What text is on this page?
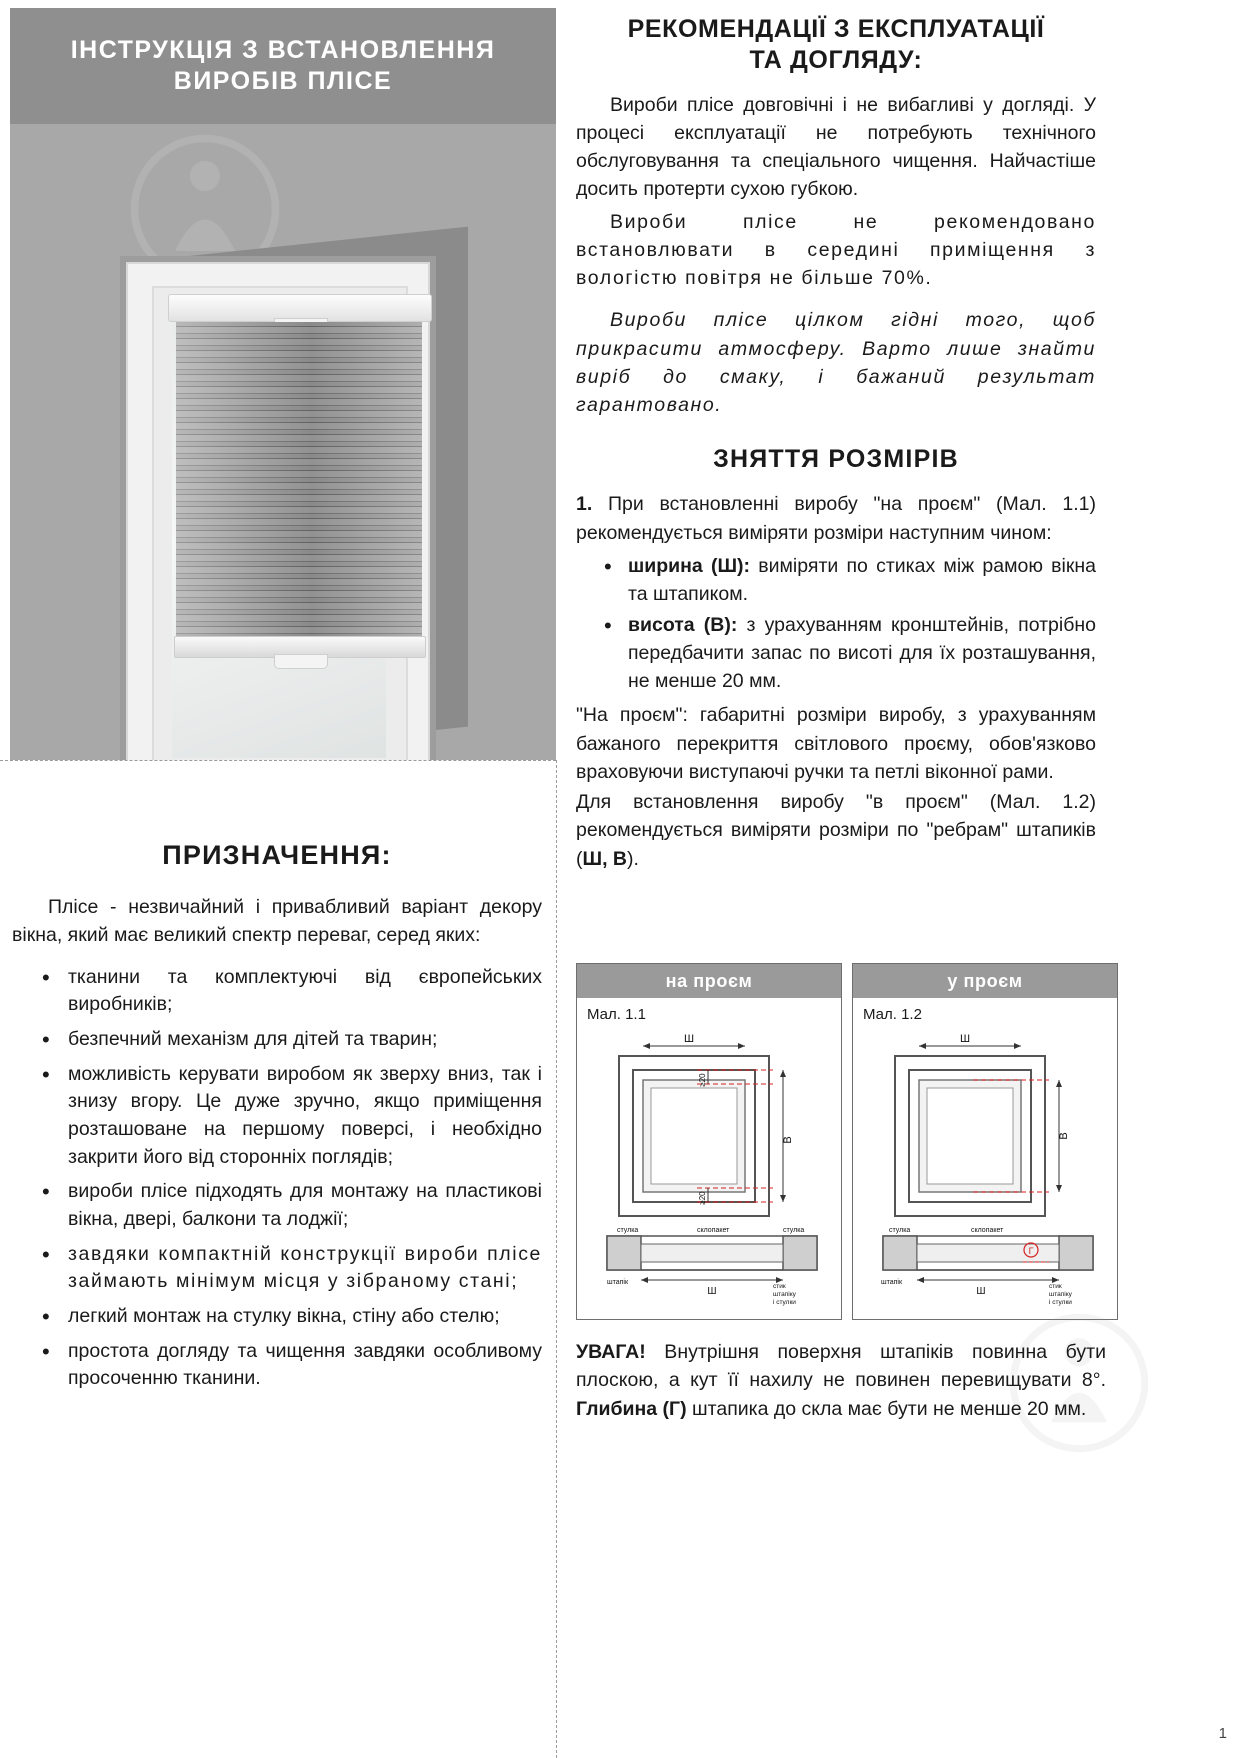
ІНСТРУКЦІЯ З ВСТАНОВЛЕННЯ
ВИРОБІВ ПЛІСЕ
ПРИЗНАЧЕННЯ:
Пліcе - незвичайний і привабливий варіант декору вікна, який має великий спектр переваг, серед яких:
• тканини та комплектуючі від європейських виробників;
• безпечний механізм для дітей та тварин;
• можливість керувати виробом як зверху вниз, так і знизу вгору. Це дуже зручно, якщо приміщення розташоване на першому поверсі, і необхідно закрити його від сторонніх поглядів;
• вироби пліcе підходять для монтажу на пластикові вікна, двері, балкони та лоджії;
• завдяки компактній конструкції вироби пліcе займають мінімум місця у зібраному стані;
• легкий монтаж на стулку вікна, стіну або стелю;
• простота догляду та чищення завдяки особливому просоченню тканини.
РЕКОМЕНДАЦІЇ З ЕКСПЛУАТАЦІЇ
ТА ДОГЛЯДУ:
Вироби пліcе довговічні і не вибагливі у догляді. У процесі експлуатації не потребують технічного обслуговування та спеціального чищення. Найчастіше досить протерти сухою губкою.
Вироби пліcе не рекомендовано встановлювати в середині приміщення з вологістю повітря не більше 70%.
Вироби пліcе цілком гідні того, щоб прикрасити атмосферу. Варто лише знайти виріб до смаку, і бажаний результат гарантовано.
ЗНЯТТЯ РОЗМІРІВ
1. При встановленні виробу "на проєм" (Мал. 1.1) рекомендується виміряти розміри наступним чином:
• ширина (Ш): виміряти по стиках між рамою вікна та штапиком.
• висота (В): з урахуванням кронштейнів, потрібно передбачити запас по висоті для їх розташування, не менше 20 мм.
"На проєм": габаритні розміри виробу, з урахуванням бажаного перекриття світлового проєму, обов'язково враховуючи виступаючі ручки та петлі віконної рами.
Для встановлення виробу "в проєм" (Мал. 1.2) рекомендується виміряти розміри по "ребрам" штапиків (Ш, В).
на проєм
Мал. 1.1
Ш
В
≥20
≥20
стулка	склопакет	стулка
штапік
Ш	стик
штапіку
і стулки
у проєм
Мал. 1.2
Ш
В
стулка	склопакет
штапік
Ш
Г
стик
штапіку
і стулки
УВАГА! Внутрішня поверхня штапіків повинна бути плоскою, а кут її нахилу не повинен перевищувати 8°. Глибина (Г) штапика до скла має бути не менше 20 мм.
1
